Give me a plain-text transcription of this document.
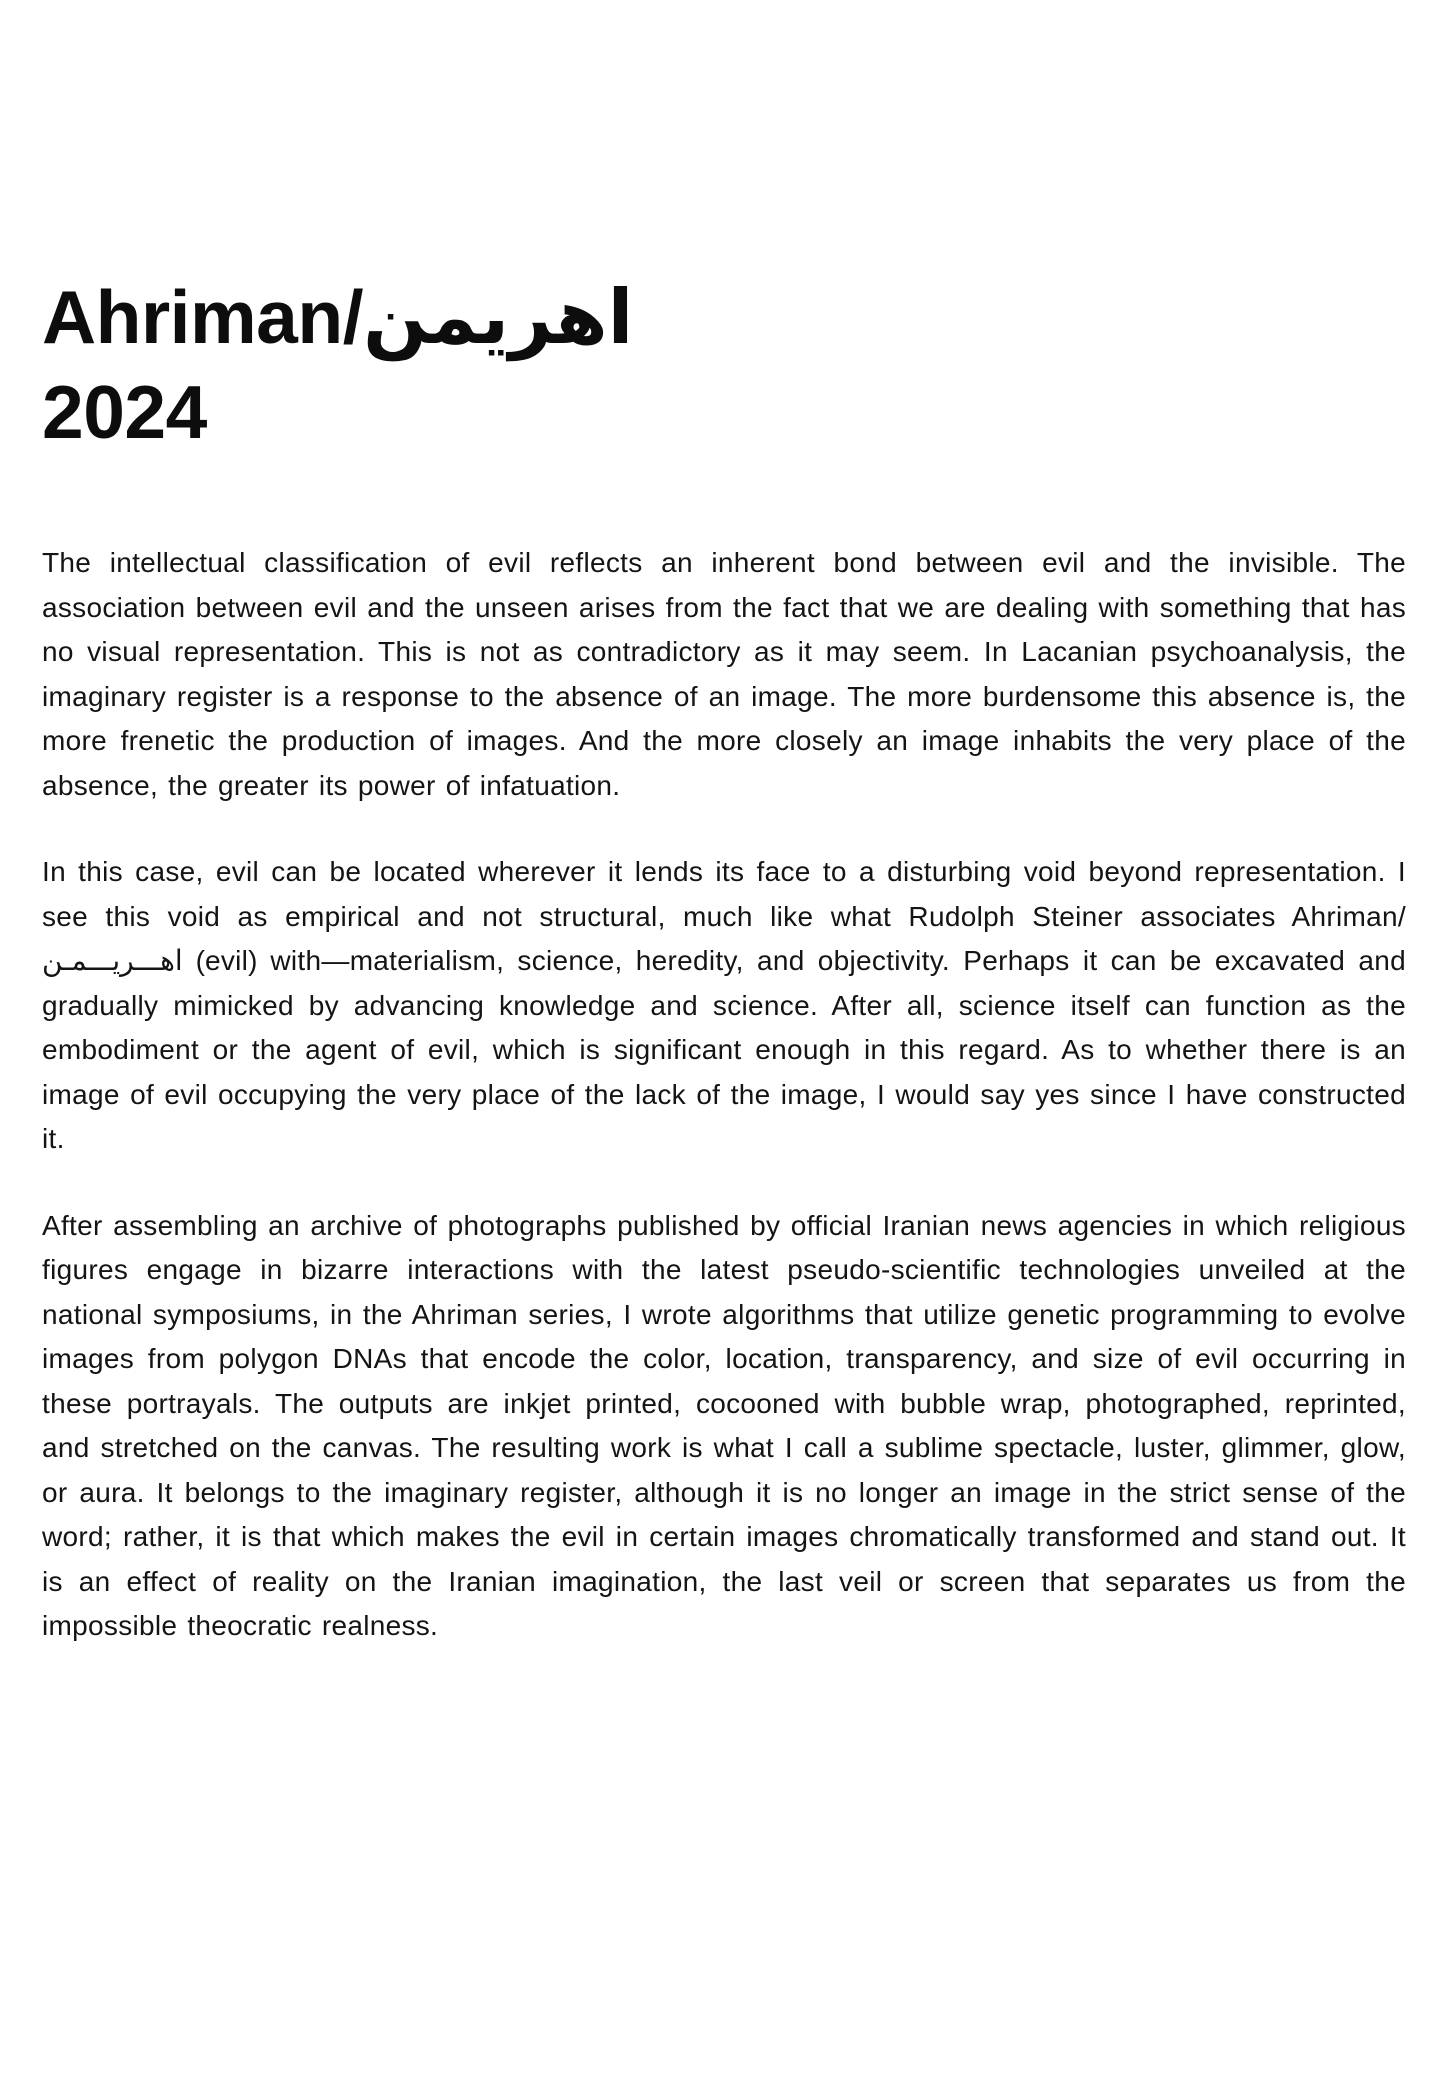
Ahriman/اهريمن
2024

The intellectual classification of evil reflects an inherent bond between evil and the invisible. The association between evil and the unseen arises from the fact that we are dealing with something that has no visual representation. This is not as contradictory as it may seem. In Lacanian psychoanalysis, the imaginary register is a response to the absence of an image. The more burdensome this absence is, the more frenetic the production of images. And the more closely an image inhabits the very place of the absence, the greater its power of infatuation.

In this case, evil can be located wherever it lends its face to a disturbing void beyond representation. I see this void as empirical and not structural, much like what Rudolph Steiner associates Ahriman/اهـــريـــمـن (evil) with—materialism, science, heredity, and objectivity. Perhaps it can be excavated and gradually mimicked by advancing knowledge and science. After all, science itself can function as the embodiment or the agent of evil, which is significant enough in this regard. As to whether there is an image of evil occupying the very place of the lack of the image, I would say yes since I have constructed it.

After assembling an archive of photographs published by official Iranian news agencies in which religious figures engage in bizarre interactions with the latest pseudo-scientific technologies unveiled at the national symposiums, in the Ahriman series, I wrote algorithms that utilize genetic programming to evolve images from polygon DNAs that encode the color, location, transparency, and size of evil occurring in these portrayals. The outputs are inkjet printed, cocooned with bubble wrap, photographed, reprinted, and stretched on the canvas. The resulting work is what I call a sublime spectacle, luster, glimmer, glow, or aura. It belongs to the imaginary register, although it is no longer an image in the strict sense of the word; rather, it is that which makes the evil in certain images chromatically transformed and stand out. It is an effect of reality on the Iranian imagination, the last veil or screen that separates us from the impossible theocratic realness.
